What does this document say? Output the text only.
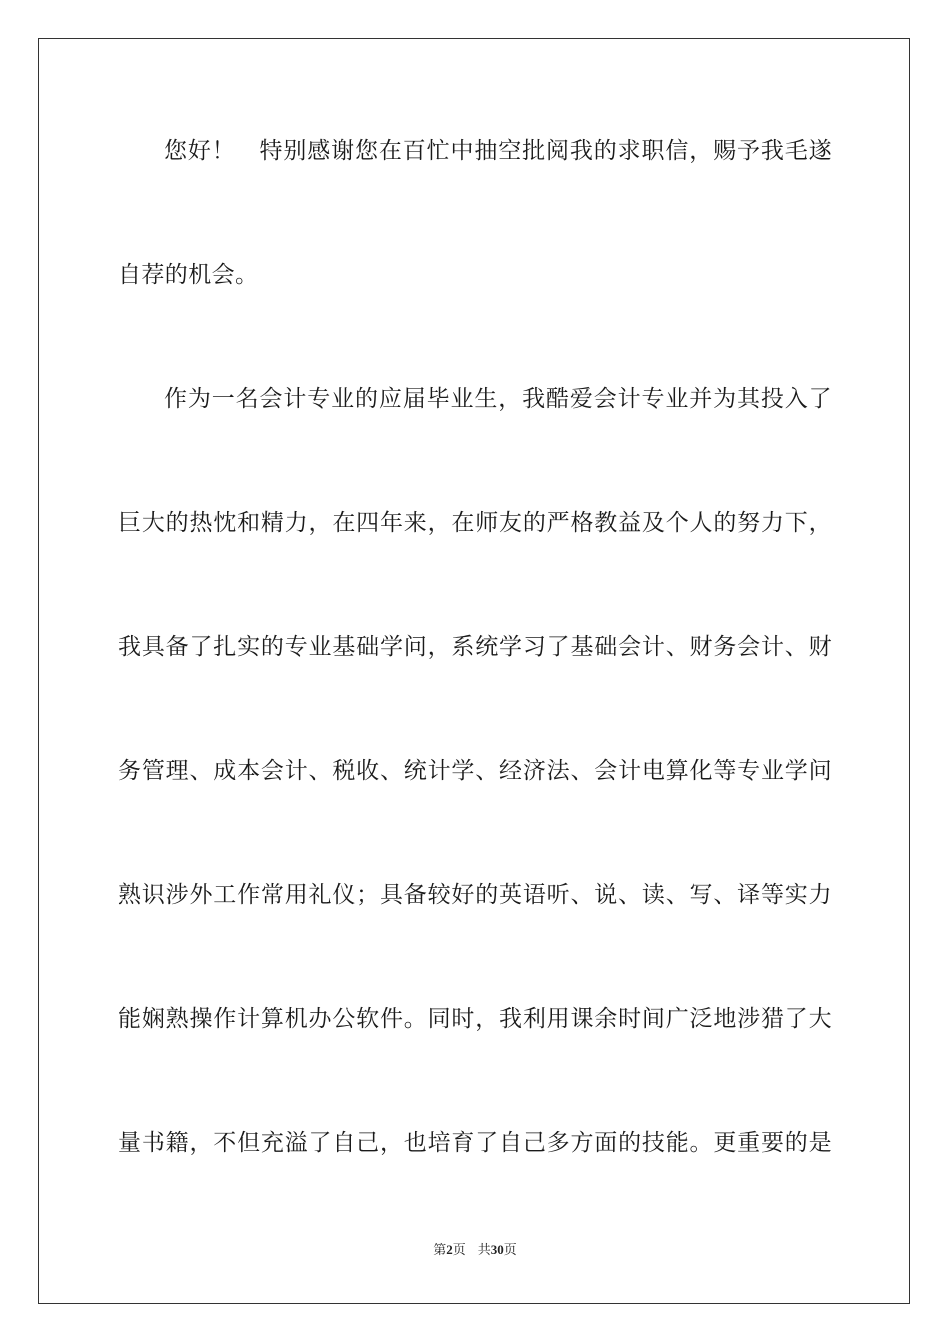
您好！　特别感谢您在百忙中抽空批阅我的求职信，赐予我毛遂
自荐的机会。
作为一名会计专业的应届毕业生，我酷爱会计专业并为其投入了
巨大的热忱和精力，在四年来，在师友的严格教益及个人的努力下，
我具备了扎实的专业基础学问，系统学习了基础会计、财务会计、财
务管理、成本会计、税收、统计学、经济法、会计电算化等专业学问
熟识涉外工作常用礼仪；具备较好的英语听、说、读、写、译等实力
能娴熟操作计算机办公软件。同时，我利用课余时间广泛地涉猎了大
量书籍，不但充溢了自己，也培育了自己多方面的技能。更重要的是
第2页 共30页
